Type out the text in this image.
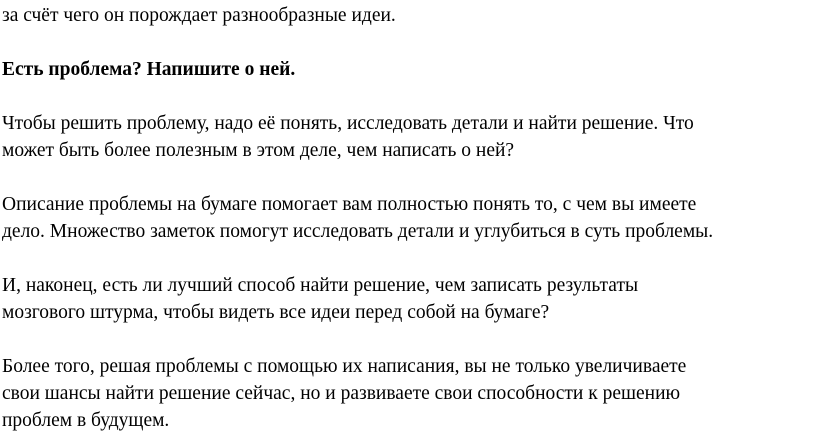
за счёт чего он порождает разнообразные идеи.

Есть проблема? Напишите о ней.

Чтобы решить проблему, надо её понять, исследовать детали и найти решение. Что

может быть более полезным в этом деле, чем написать о ней?

Описание проблемы на бумаге помогает вам полностью понять то, с чем вы имеете

дело. Множество заметок помогут исследовать детали и углубиться в суть проблемы.

И, наконец, есть ли лучший способ найти решение, чем записать результаты

мозгового штурма, чтобы видеть все идеи перед собой на бумаге?

Более того, решая проблемы с помощью их написания, вы не только увеличиваете

свои шансы найти решение сейчас, но и развиваете свои способности к решению

проблем в будущем.
